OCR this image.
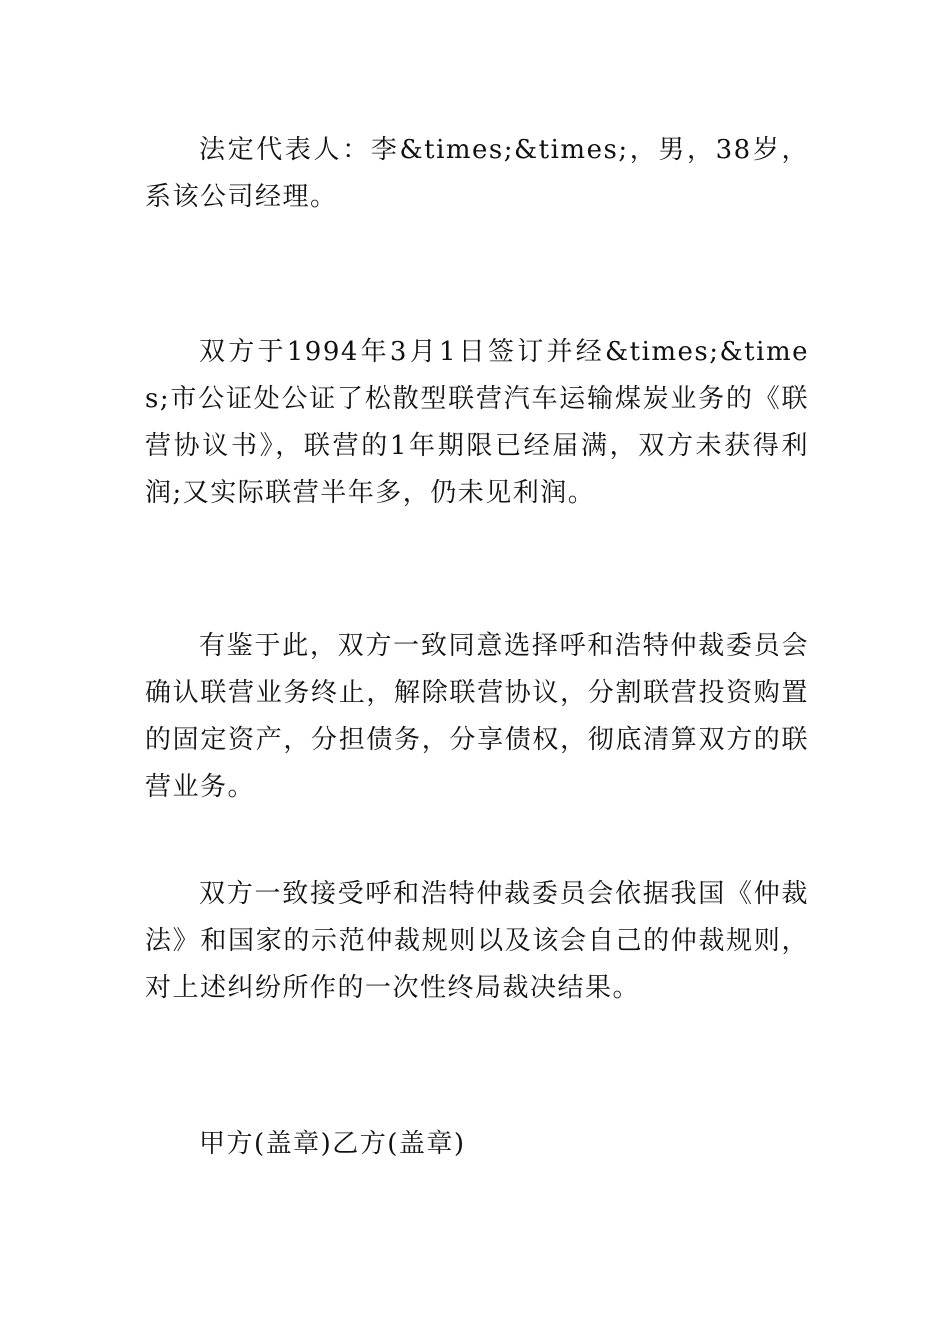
法定代表人：李&times;&times;，男，38岁，系该公司经理。

双方于1994年3月1日签订并经&times;&times;市公证处公证了松散型联营汽车运输煤炭业务的《联营协议书》，联营的1年期限已经届满，双方未获得利润;又实际联营半年多，仍未见利润。

有鉴于此，双方一致同意选择呼和浩特仲裁委员会确认联营业务终止，解除联营协议，分割联营投资购置的固定资产，分担债务，分享债权，彻底清算双方的联营业务。

双方一致接受呼和浩特仲裁委员会依据我国《仲裁法》和国家的示范仲裁规则以及该会自己的仲裁规则，对上述纠纷所作的一次性终局裁决结果。

甲方(盖章)乙方(盖章)
